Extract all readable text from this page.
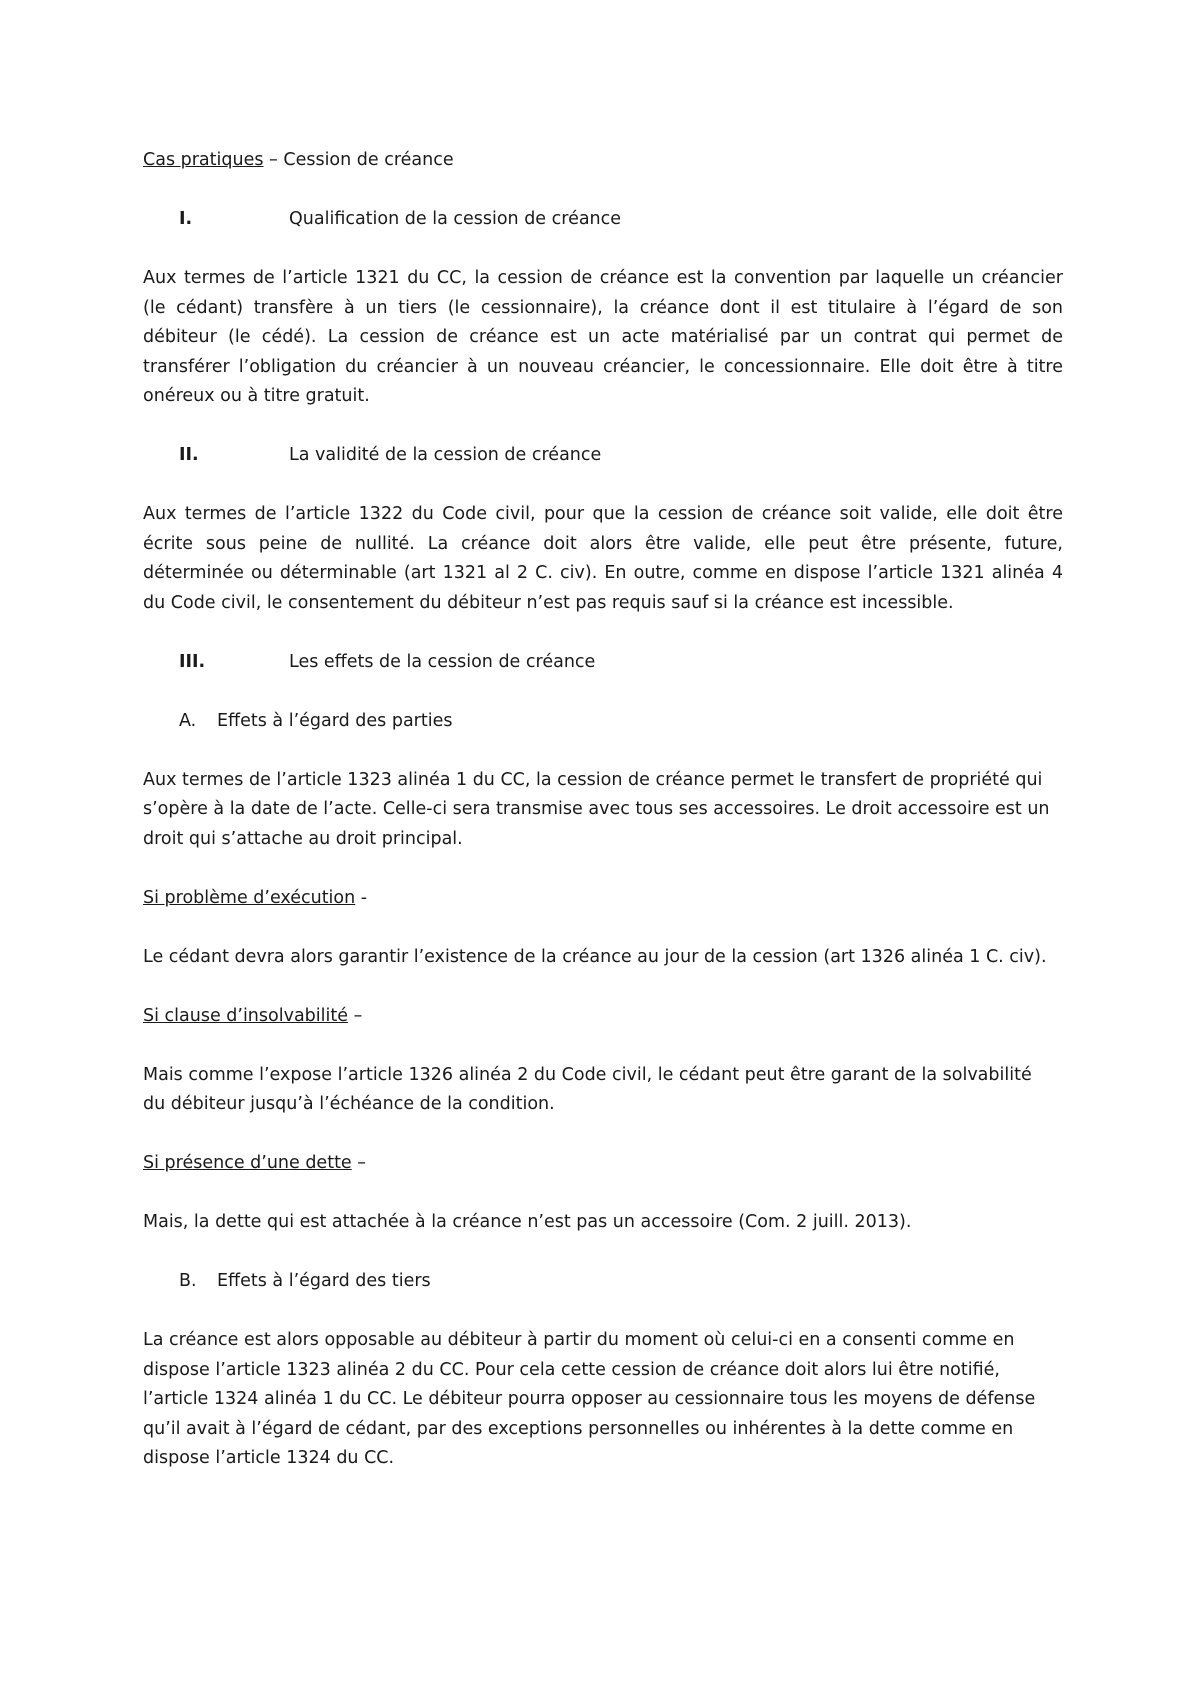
Cas pratiques – Cession de créance
I.	Qualification de la cession de créance
Aux termes de l’article 1321 du CC, la cession de créance est la convention par laquelle un créancier
(le cédant) transfère à un tiers (le cessionnaire), la créance dont il est titulaire à l’égard de son
débiteur (le cédé). La cession de créance est un acte matérialisé par un contrat qui permet de
transférer l’obligation du créancier à un nouveau créancier, le concessionnaire. Elle doit être à titre
onéreux ou à titre gratuit.
II.	La validité de la cession de créance
Aux termes de l’article 1322 du Code civil, pour que la cession de créance soit valide, elle doit être
écrite sous peine de nullité. La créance doit alors être valide, elle peut être présente, future,
déterminée ou déterminable (art 1321 al 2 C. civ). En outre, comme en dispose l’article 1321 alinéa 4
du Code civil, le consentement du débiteur n’est pas requis sauf si la créance est incessible.
III.	Les effets de la cession de créance
A.	Effets à l’égard des parties
Aux termes de l’article 1323 alinéa 1 du CC, la cession de créance permet le transfert de propriété qui
s’opère à la date de l’acte. Celle-ci sera transmise avec tous ses accessoires. Le droit accessoire est un
droit qui s’attache au droit principal.
Si problème d’exécution -
Le cédant devra alors garantir l’existence de la créance au jour de la cession (art 1326 alinéa 1 C. civ).
Si clause d’insolvabilité –
Mais comme l’expose l’article 1326 alinéa 2 du Code civil, le cédant peut être garant de la solvabilité
du débiteur jusqu’à l’échéance de la condition.
Si présence d’une dette –
Mais, la dette qui est attachée à la créance n’est pas un accessoire (Com. 2 juill. 2013).
B.	Effets à l’égard des tiers
La créance est alors opposable au débiteur à partir du moment où celui-ci en a consenti comme en
dispose l’article 1323 alinéa 2 du CC. Pour cela cette cession de créance doit alors lui être notifié,
l’article 1324 alinéa 1 du CC. Le débiteur pourra opposer au cessionnaire tous les moyens de défense
qu’il avait à l’égard de cédant, par des exceptions personnelles ou inhérentes à la dette comme en
dispose l’article 1324 du CC.
